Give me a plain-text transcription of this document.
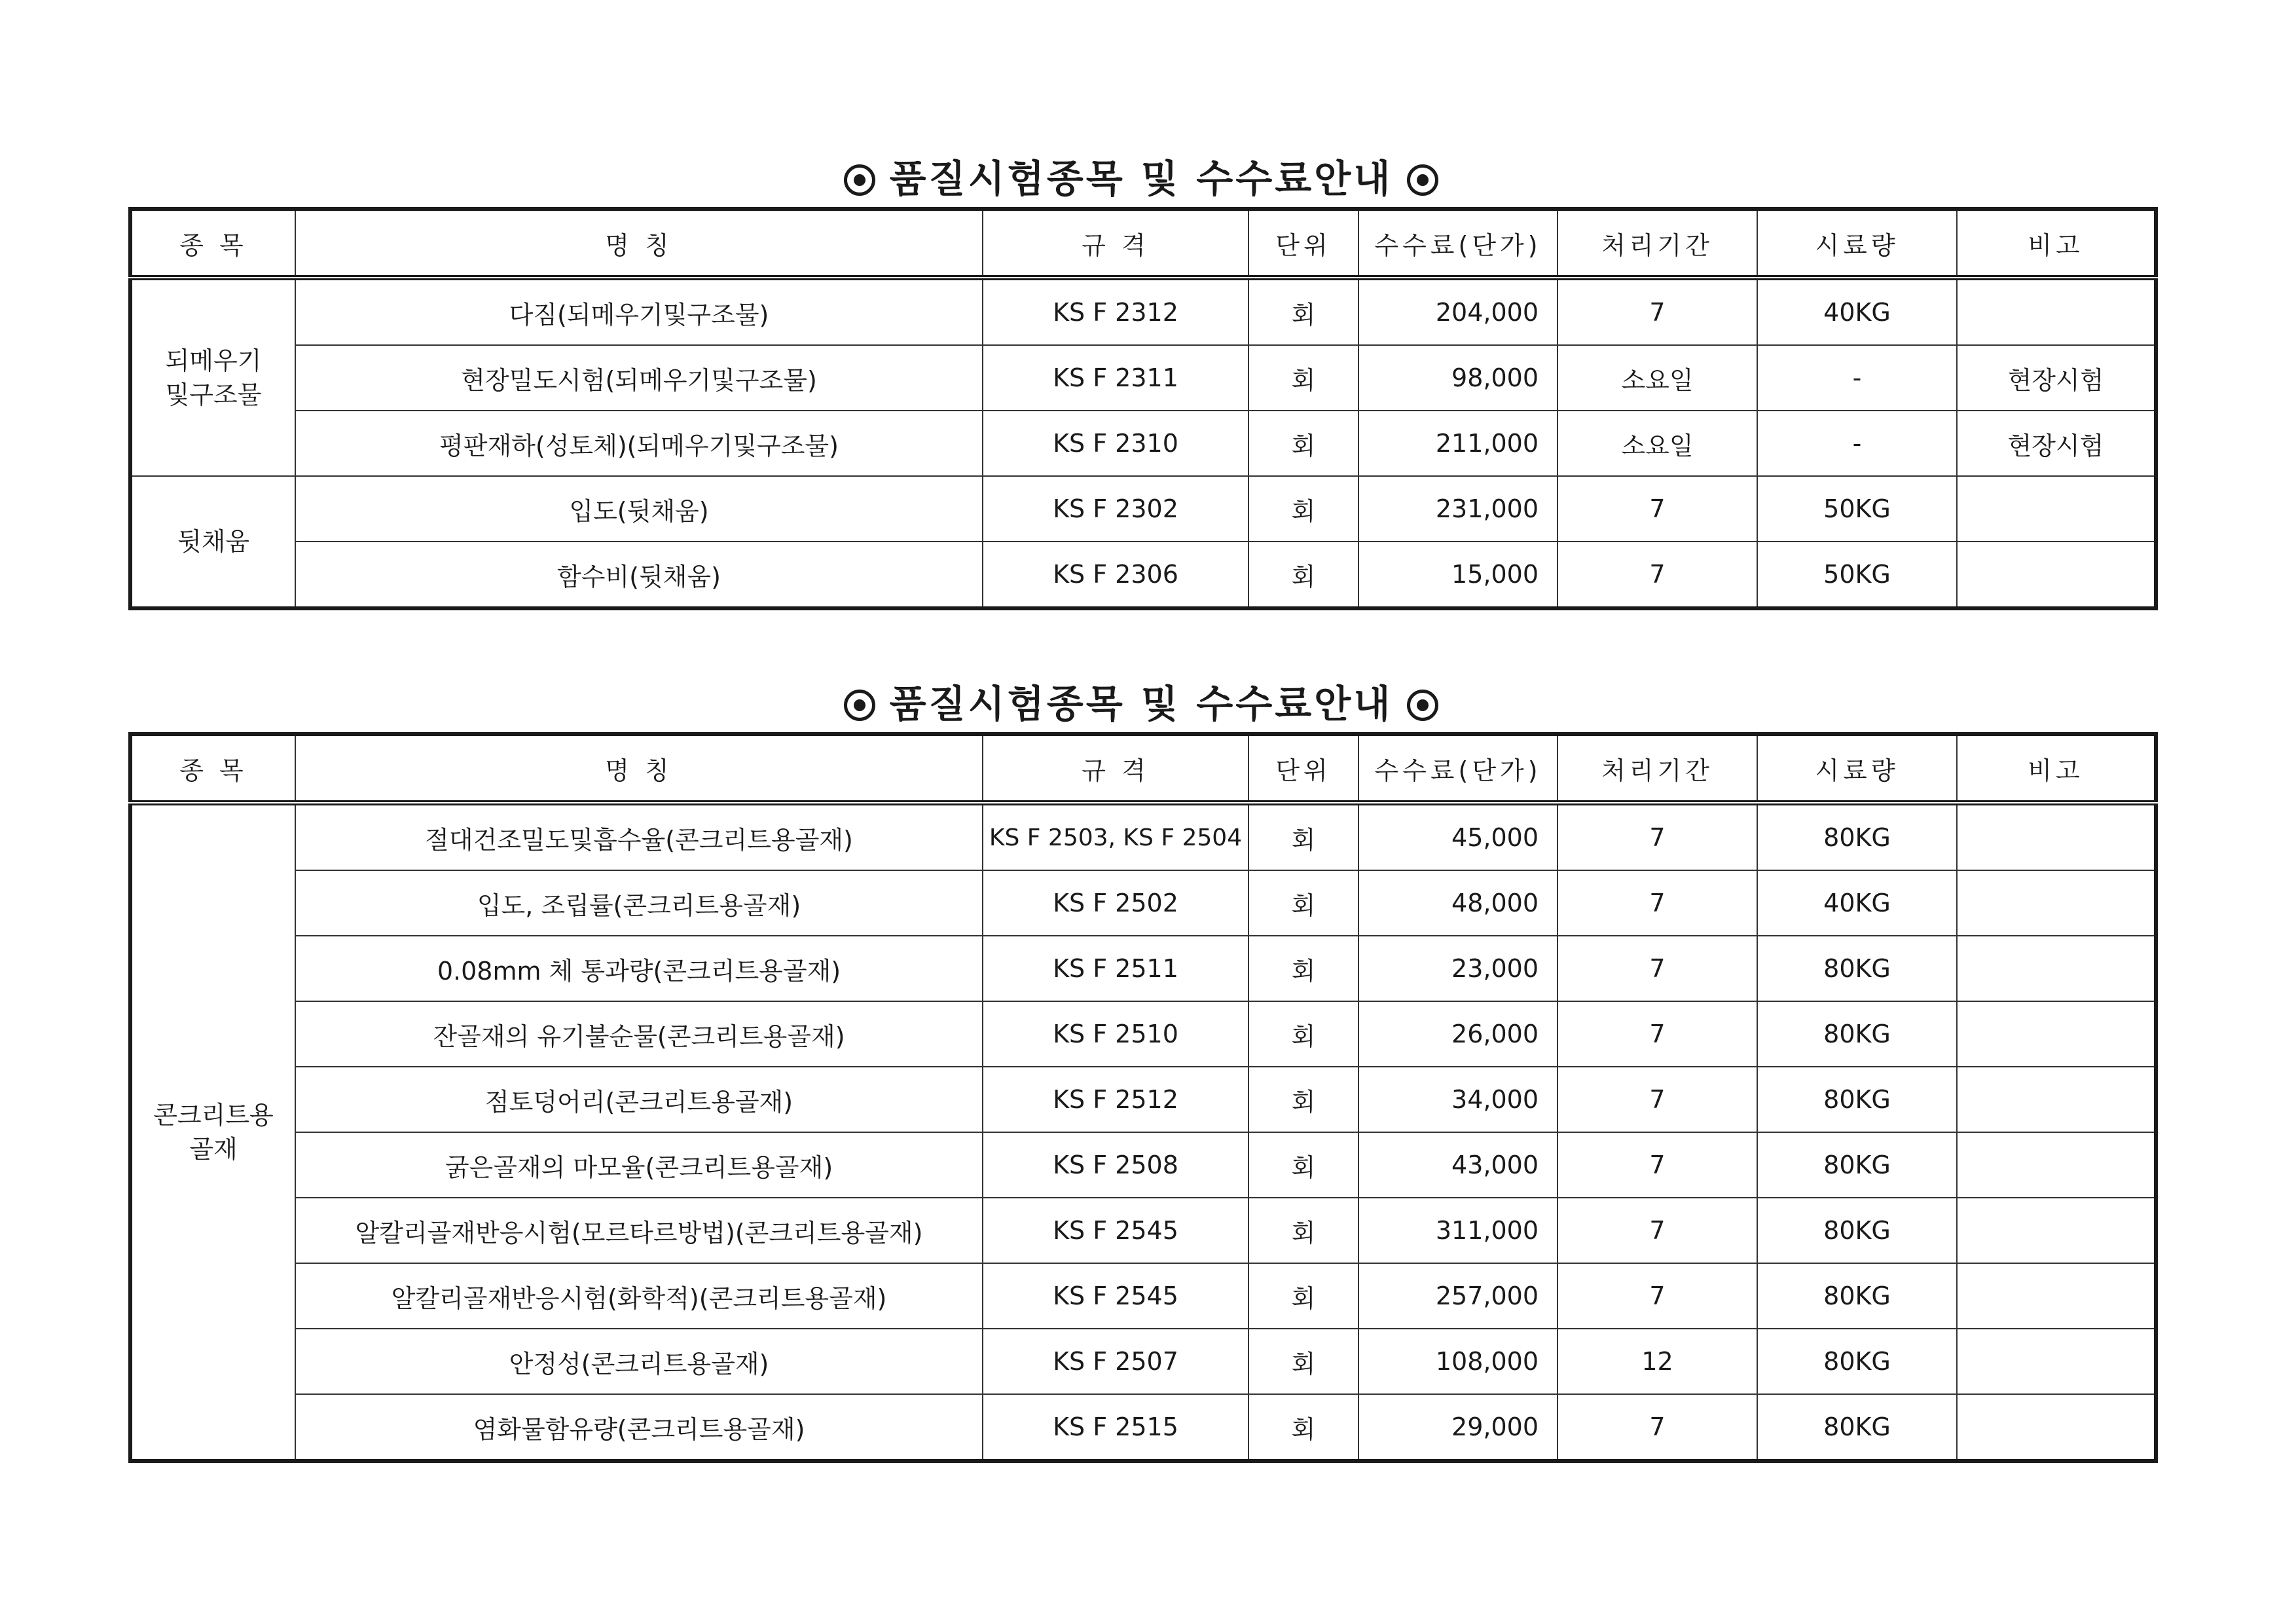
품질시험종목 및 수수료안내
종 목	명 칭	규 격	단위	수수료(단가)	처리기간	시료량	비고
되메우기
및구조물	다짐(되메우기및구조물)	KS F 2312	회	204,000	7	40KG	
	현장밀도시험(되메우기및구조물)	KS F 2311	회	98,000	소요일	-	현장시험
	평판재하(성토체)(되메우기및구조물)	KS F 2310	회	211,000	소요일	-	현장시험
뒷채움	입도(뒷채움)	KS F 2302	회	231,000	7	50KG	
	함수비(뒷채움)	KS F 2306	회	15,000	7	50KG	
품질시험종목 및 수수료안내
종 목	명 칭	규 격	단위	수수료(단가)	처리기간	시료량	비고
콘크리트용
골재	절대건조밀도및흡수율(콘크리트용골재)	KS F 2503, KS F 2504	회	45,000	7	80KG	
	입도, 조립률(콘크리트용골재)	KS F 2502	회	48,000	7	40KG	
	0.08mm 체 통과량(콘크리트용골재)	KS F 2511	회	23,000	7	80KG	
	잔골재의 유기불순물(콘크리트용골재)	KS F 2510	회	26,000	7	80KG	
	점토덩어리(콘크리트용골재)	KS F 2512	회	34,000	7	80KG	
	굵은골재의 마모율(콘크리트용골재)	KS F 2508	회	43,000	7	80KG	
	알칼리골재반응시험(모르타르방법)(콘크리트용골재)	KS F 2545	회	311,000	7	80KG	
	알칼리골재반응시험(화학적)(콘크리트용골재)	KS F 2545	회	257,000	7	80KG	
	안정성(콘크리트용골재)	KS F 2507	회	108,000	12	80KG	
	염화물함유량(콘크리트용골재)	KS F 2515	회	29,000	7	80KG	
